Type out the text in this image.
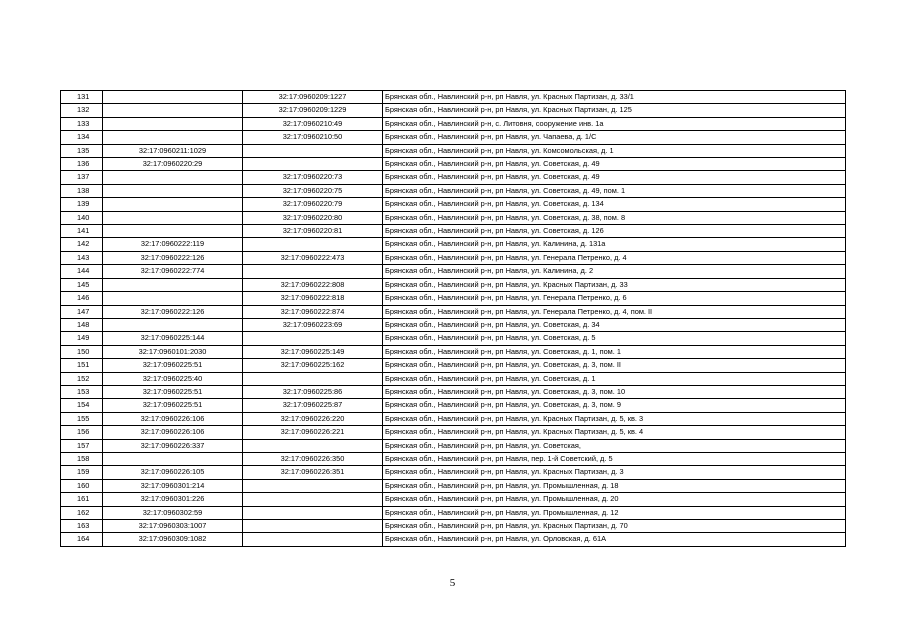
131		32:17:0960209:1227	Брянская обл., Навлинский р-н, рп Навля, ул. Красных Партизан, д. 33/1
132		32:17:0960209:1229	Брянская обл., Навлинский р-н, рп Навля, ул. Красных Партизан, д. 125
133		32:17:0960210:49	Брянская обл., Навлинский р-н, с. Литовня, сооружение инв. 1а
134		32:17:0960210:50	Брянская обл., Навлинский р-н, рп Навля, ул. Чапаева, д. 1/С
135	32:17:0960211:1029		Брянская обл., Навлинский р-н, рп Навля, ул. Комсомольская, д. 1
136	32:17:0960220:29		Брянская обл., Навлинский р-н, рп Навля, ул. Советская, д. 49
137		32:17:0960220:73	Брянская обл., Навлинский р-н, рп Навля, ул. Советская, д. 49
138		32:17:0960220:75	Брянская обл., Навлинский р-н, рп Навля, ул. Советская, д. 49, пом. 1
139		32:17:0960220:79	Брянская обл., Навлинский р-н, рп Навля, ул. Советская, д. 134
140		32:17:0960220:80	Брянская обл., Навлинский р-н, рп Навля, ул. Советская, д. 38, пом. 8
141		32:17:0960220:81	Брянская обл., Навлинский р-н, рп Навля, ул. Советская, д. 126
142	32:17:0960222:119		Брянская обл., Навлинский р-н, рп Навля, ул. Калинина, д. 131а
143	32:17:0960222:126	32:17:0960222:473	Брянская обл., Навлинский р-н, рп Навля, ул. Генерала Петренко, д. 4
144	32:17:0960222:774		Брянская обл., Навлинский р-н, рп Навля, ул. Калинина, д. 2
145		32:17:0960222:808	Брянская обл., Навлинский р-н, рп Навля, ул. Красных Партизан, д. 33
146		32:17:0960222:818	Брянская обл., Навлинский р-н, рп Навля, ул. Генерала Петренко, д. 6
147	32:17:0960222:126	32:17:0960222:874	Брянская обл., Навлинский р-н, рп Навля, ул. Генерала Петренко, д. 4, пом. II
148		32:17:0960223:69	Брянская обл., Навлинский р-н, рп Навля, ул. Советская, д. 34
149	32:17:0960225:144		Брянская обл., Навлинский р-н, рп Навля, ул. Советская, д. 5
150	32:17:0960101:2030	32:17:0960225:149	Брянская обл., Навлинский р-н, рп Навля, ул. Советская, д. 1, пом. 1
151	32:17:0960225:51	32:17:0960225:162	Брянская обл., Навлинский р-н, рп Навля, ул. Советская, д. 3, пом. II
152	32:17:0960225:40		Брянская обл., Навлинский р-н, рп Навля, ул. Советская, д. 1
153	32:17:0960225:51	32:17:0960225:86	Брянская обл., Навлинский р-н, рп Навля, ул. Советская, д. 3, пом. 10
154	32:17:0960225:51	32:17:0960225:87	Брянская обл., Навлинский р-н, рп Навля, ул. Советская, д. 3, пом. 9
155	32:17:0960226:106	32:17:0960226:220	Брянская обл., Навлинский р-н, рп Навля, ул. Красных Партизан, д. 5, кв. 3
156	32:17:0960226:106	32:17:0960226:221	Брянская обл., Навлинский р-н, рп Навля, ул. Красных Партизан, д. 5, кв. 4
157	32:17:0960226:337		Брянская обл., Навлинский р-н, рп Навля, ул. Советская,
158		32:17:0960226:350	Брянская обл., Навлинский р-н, рп Навля, пер. 1-й Советский, д. 5
159	32:17:0960226:105	32:17:0960226:351	Брянская обл., Навлинский р-н, рп Навля, ул. Красных Партизан, д. 3
160	32:17:0960301:214		Брянская обл., Навлинский р-н, рп Навля, ул. Промышленная, д. 18
161	32:17:0960301:226		Брянская обл., Навлинский р-н, рп Навля, ул. Промышленная, д. 20
162	32:17:0960302:59		Брянская обл., Навлинский р-н, рп Навля, ул. Промышленная, д. 12
163	32:17:0960303:1007		Брянская обл., Навлинский р-н, рп Навля, ул. Красных Партизан, д. 70
164	32:17:0960309:1082		Брянская обл., Навлинский р-н, рп Навля, ул. Орловская, д. 61А
5
